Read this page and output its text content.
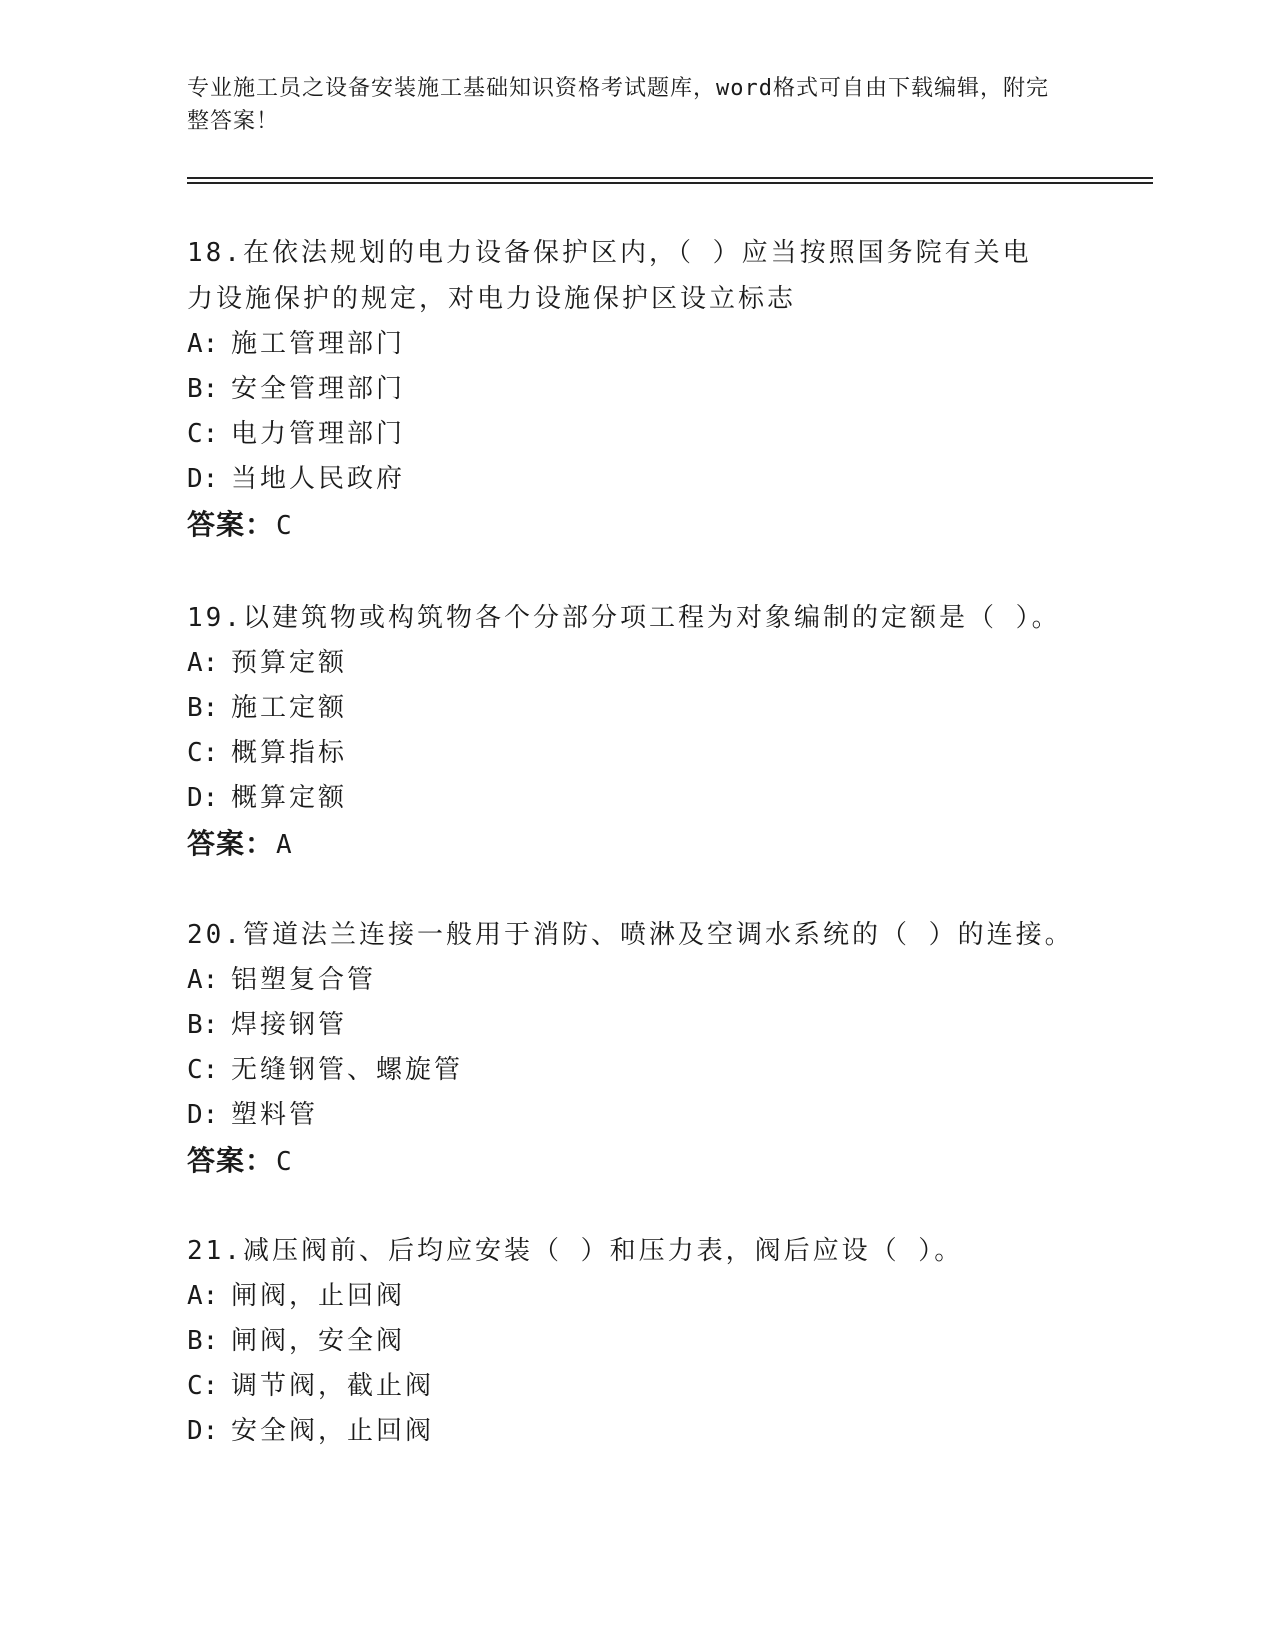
专业施工员之设备安装施工基础知识资格考试题库，word格式可自由下载编辑，附完整答案！

18.在依法规划的电力设备保护区内，（ ）应当按照国务院有关电力设施保护的规定，对电力设施保护区设立标志

A: 施工管理部门
B: 安全管理部门
C: 电力管理部门
D: 当地人民政府
答案：C

19.以建筑物或构筑物各个分部分项工程为对象编制的定额是（ ）。

A: 预算定额
B: 施工定额
C: 概算指标
D: 概算定额
答案：A

20.管道法兰连接一般用于消防、喷淋及空调水系统的（ ）的连接。

A: 铝塑复合管
B: 焊接钢管
C: 无缝钢管、螺旋管
D: 塑料管
答案：C

21.减压阀前、后均应安装（ ）和压力表，阀后应设（ ）。

A: 闸阀，止回阀
B: 闸阀，安全阀
C: 调节阀，截止阀
D: 安全阀，止回阀
